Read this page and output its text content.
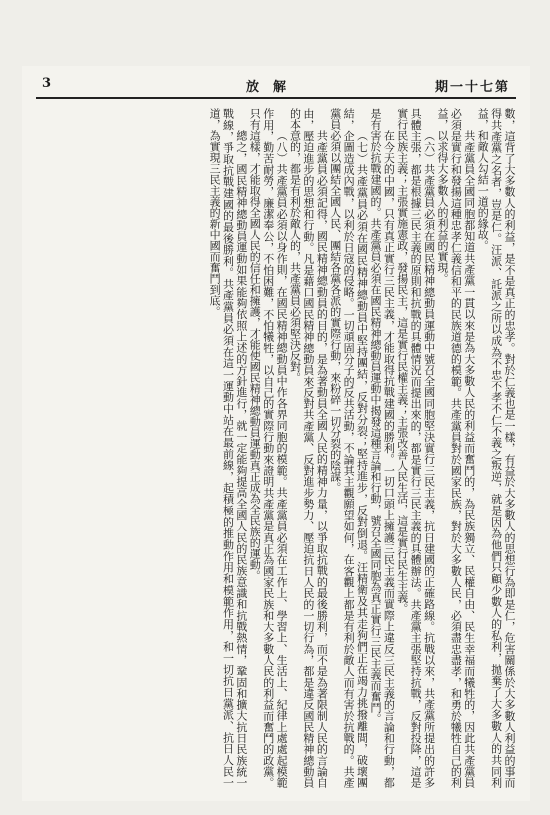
期一十七第
放解
3

數，這背了大多數人的利益，是不是真正的忠孝。對於仁義也是一樣，有益於大多數人的思想行為即是仁，危害關係於大多數人利益的事而得共產黨之名者，豈是仁。汪派、託派之所以成為不忠不孝不仁不義之叛逆，就是因為他們只顧少數人的私利，拋棄了大多數人的共同利益，和敵人勾結一道的緣故。

共產黨員全國同胞都知道共產黨一貫以來是為大多數人民的利益而奮鬥的，為民族獨立、民權自由、民生幸福而犧牲的，因此共產黨員必須是實行和發揚這種忠孝仁義信和平的民族道德的模範。共產黨員對於國家民族，對於大多數人民，必須盡忠盡孝，和勇於犧牲自己的利益，以求得大多數人的利益的實現。

（六）共產黨員必須在國民精神總動員運動中號召全國同胞堅決實行三民主義，抗日建國的正確路線。抗戰以來，共產黨所提出的許多具體主張，都是根據三民主義的原則和抗戰的具體情況而提出來的，都是實行三民主義的具體辦法。共產黨主張堅持抗戰，反對投降，這是實行民族主義；主張實施憲政，發揚民主，這是實行民權主義；主張改善人民生活，這是實行民生主義。

在今天的中國，只有真正實行三民主義，才能取得抗戰建國的勝利。一切口頭上擁護三民主義而實際上違反三民主義的言論和行動，都是有害於抗戰建國的。共產黨員必須在國民精神總動員運動中揭發這種言論和行動，號召全國同胞為真正實行三民主義而奮鬥。

（七）共產黨員必須在國民精神總動員中堅持團結，反對分裂；堅持進步，反對倒退。汪精衛及其走狗們正在竭力挑撥離間，破壞團結，企圖造成內戰，以利於日寇的侵略。一切頑固分子的反共活動，不論其主觀願望如何，在客觀上都是有利於敵人而有害於抗戰的。共產黨員必須以團結全國人民、團結各黨各派的實際行動，來粉碎一切分裂的陰謀。

共產黨員必須記得，國民精神總動員的目的，是為著動員全國人民的精神力量，以爭取抗戰的最後勝利，而不是為著限制人民的言論自由，壓迫進步的思想和行動。凡是藉口國民精神總動員來反對共產黨、反對進步勢力、壓迫抗日人民的一切行為，都是違反國民精神總動員的本意的，都是有利於敵人的，共產黨員必須堅決反對。

（八）共產黨員必須以身作則，在國民精神總動員中作各界同胞的模範。共產黨員必須在工作上、學習上、生活上、紀律上處處起模範作用，勤苦耐勞，廉潔奉公，不怕困難，不怕犧牲，以自己的實際行動來證明共產黨是真正為國家民族和大多數人民的利益而奮鬥的政黨。只有這樣，才能取得全國人民的信任和擁護，才能使國民精神總動員運動真正成為全民族的運動。

總之，國民精神總動員運動如果能夠依照上述的方針進行，就一定能夠提高全國人民的民族意識和抗戰熱情，鞏固和擴大抗日民族統一戰線，爭取抗戰建國的最後勝利。共產黨員必須在這一運動中站在最前線，起積極的推動作用和模範作用，和一切抗日黨派、抗日人民一道，為實現三民主義的新中國而奮鬥到底。
